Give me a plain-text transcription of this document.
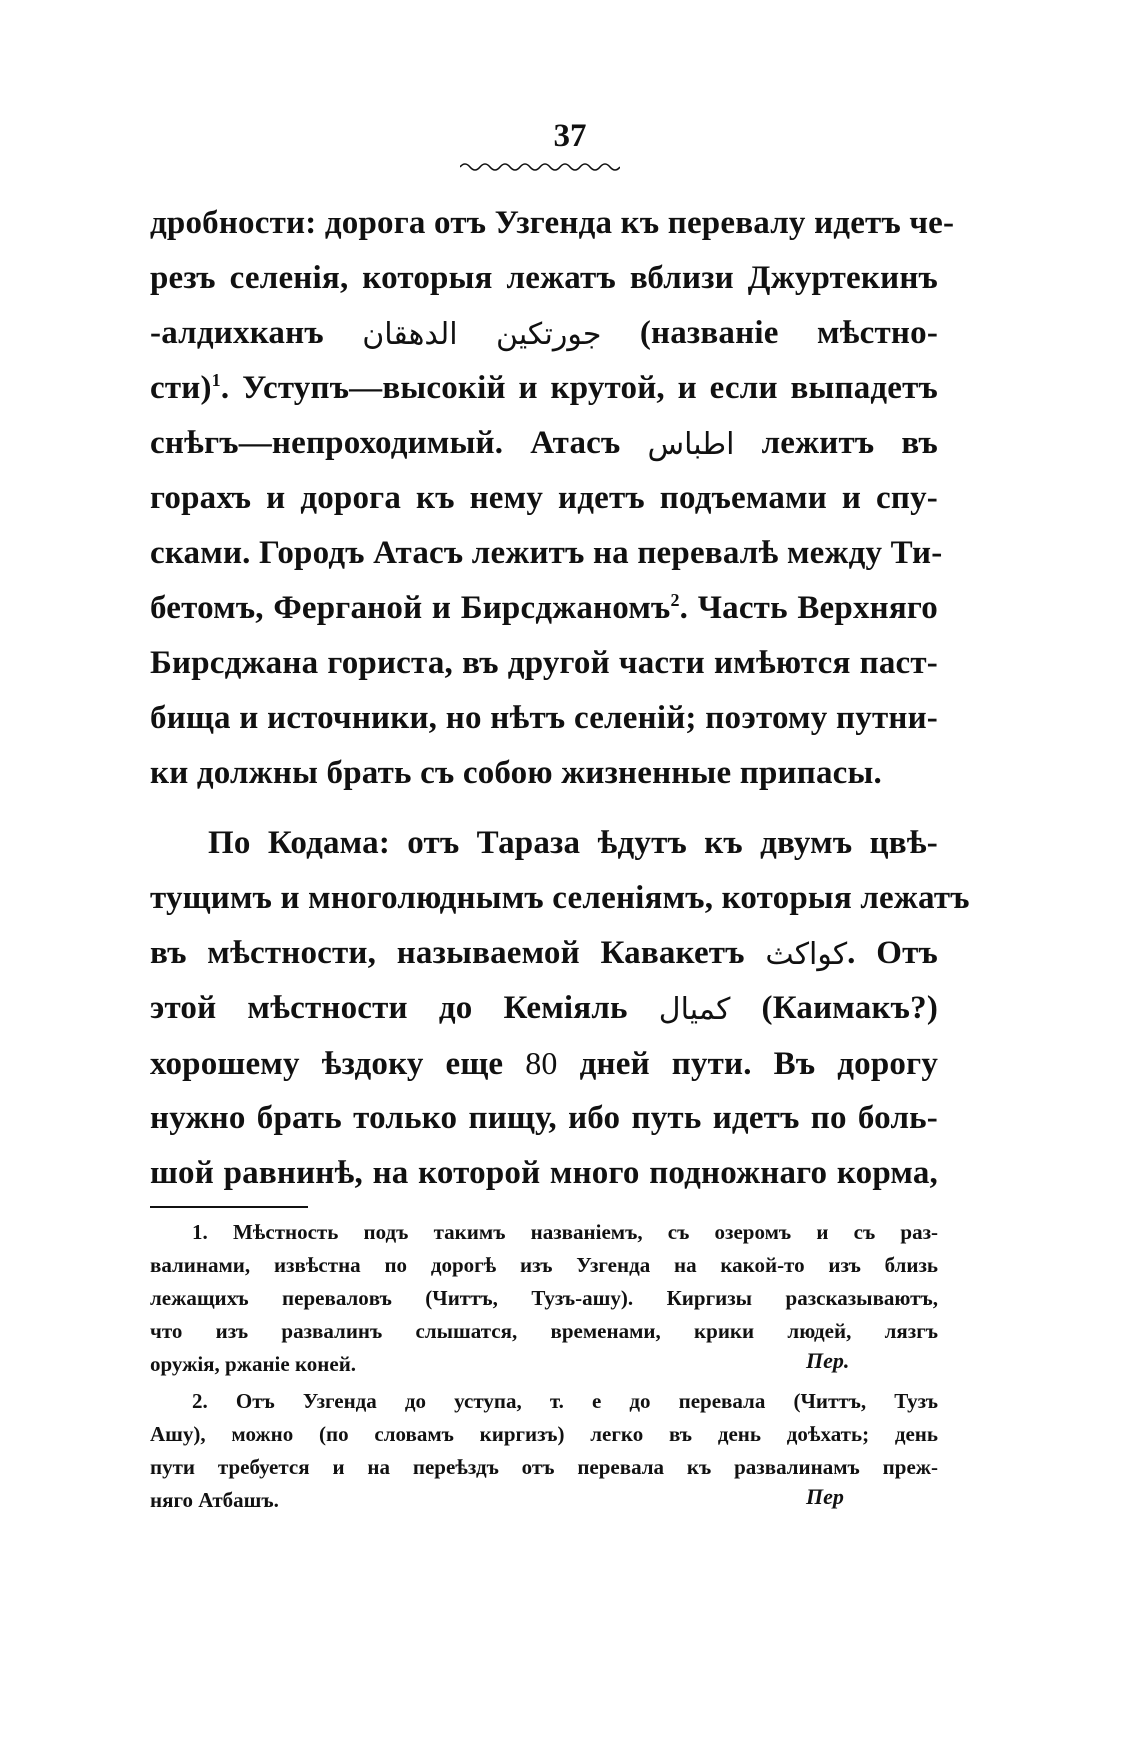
37
дробности: дорога отъ Узгенда къ перевалу идетъ че-
резъ селенія, которыя лежатъ вблизи Джуртекинъ
-алдихканъ الدهقان جورتكين (названіе мѣстно-
сти)$^1$. Уступъ—высокій и крутой, и если выпадетъ
снѣгъ—непроходимый. Атасъ اطباس лежитъ въ
горахъ и дорога къ нему идетъ подъемами и спу-
сками. Городъ Атасъ лежитъ на перевалѣ между Ти-
бетомъ, Ферганой и Бирсджаномъ$^2$. Часть Верхняго
Бирсджана гориста, въ другой части имѣются паст-
бища и источники, но нѣтъ селеній; поэтому путни-
ки должны брать съ собою жизненные припасы.
По Кодама: отъ Тараза ѣдутъ къ двумъ цвѣ-
тущимъ и многолюднымъ селеніямъ, которыя лежатъ
въ мѣстности, называемой Кавакетъ كواكث. Отъ
этой мѣстности до Кеміяль كميال (Каимакъ?)
хорошему ѣздоку еще 80 дней пути. Въ дорогу
нужно брать только пищу, ибо путь идетъ по боль-
шой равнинѣ, на которой много подножнаго корма,
1. Мѣстность подъ такимъ названіемъ, съ озеромъ и съ раз-
валинами, извѣстна по дорогѣ изъ Узгенда на какой-то изъ близь
лежащихъ перевалoвъ (Читтъ, Тузъ-ашу). Киргизы разсказываютъ,
что изъ развалинъ слышатся, временами, крики людей, лязгъ
оружія, ржаніе коней.	Пер.
2. Отъ Узгенда до уступа, т. е до перевала (Читтъ, Тузъ
Ашу), можно (по словамъ киргизъ) легко въ день доѣхать; день
пути требуется и на переѣздъ отъ перевала къ развалинамъ преж-
няго Атбашъ.	Пер
